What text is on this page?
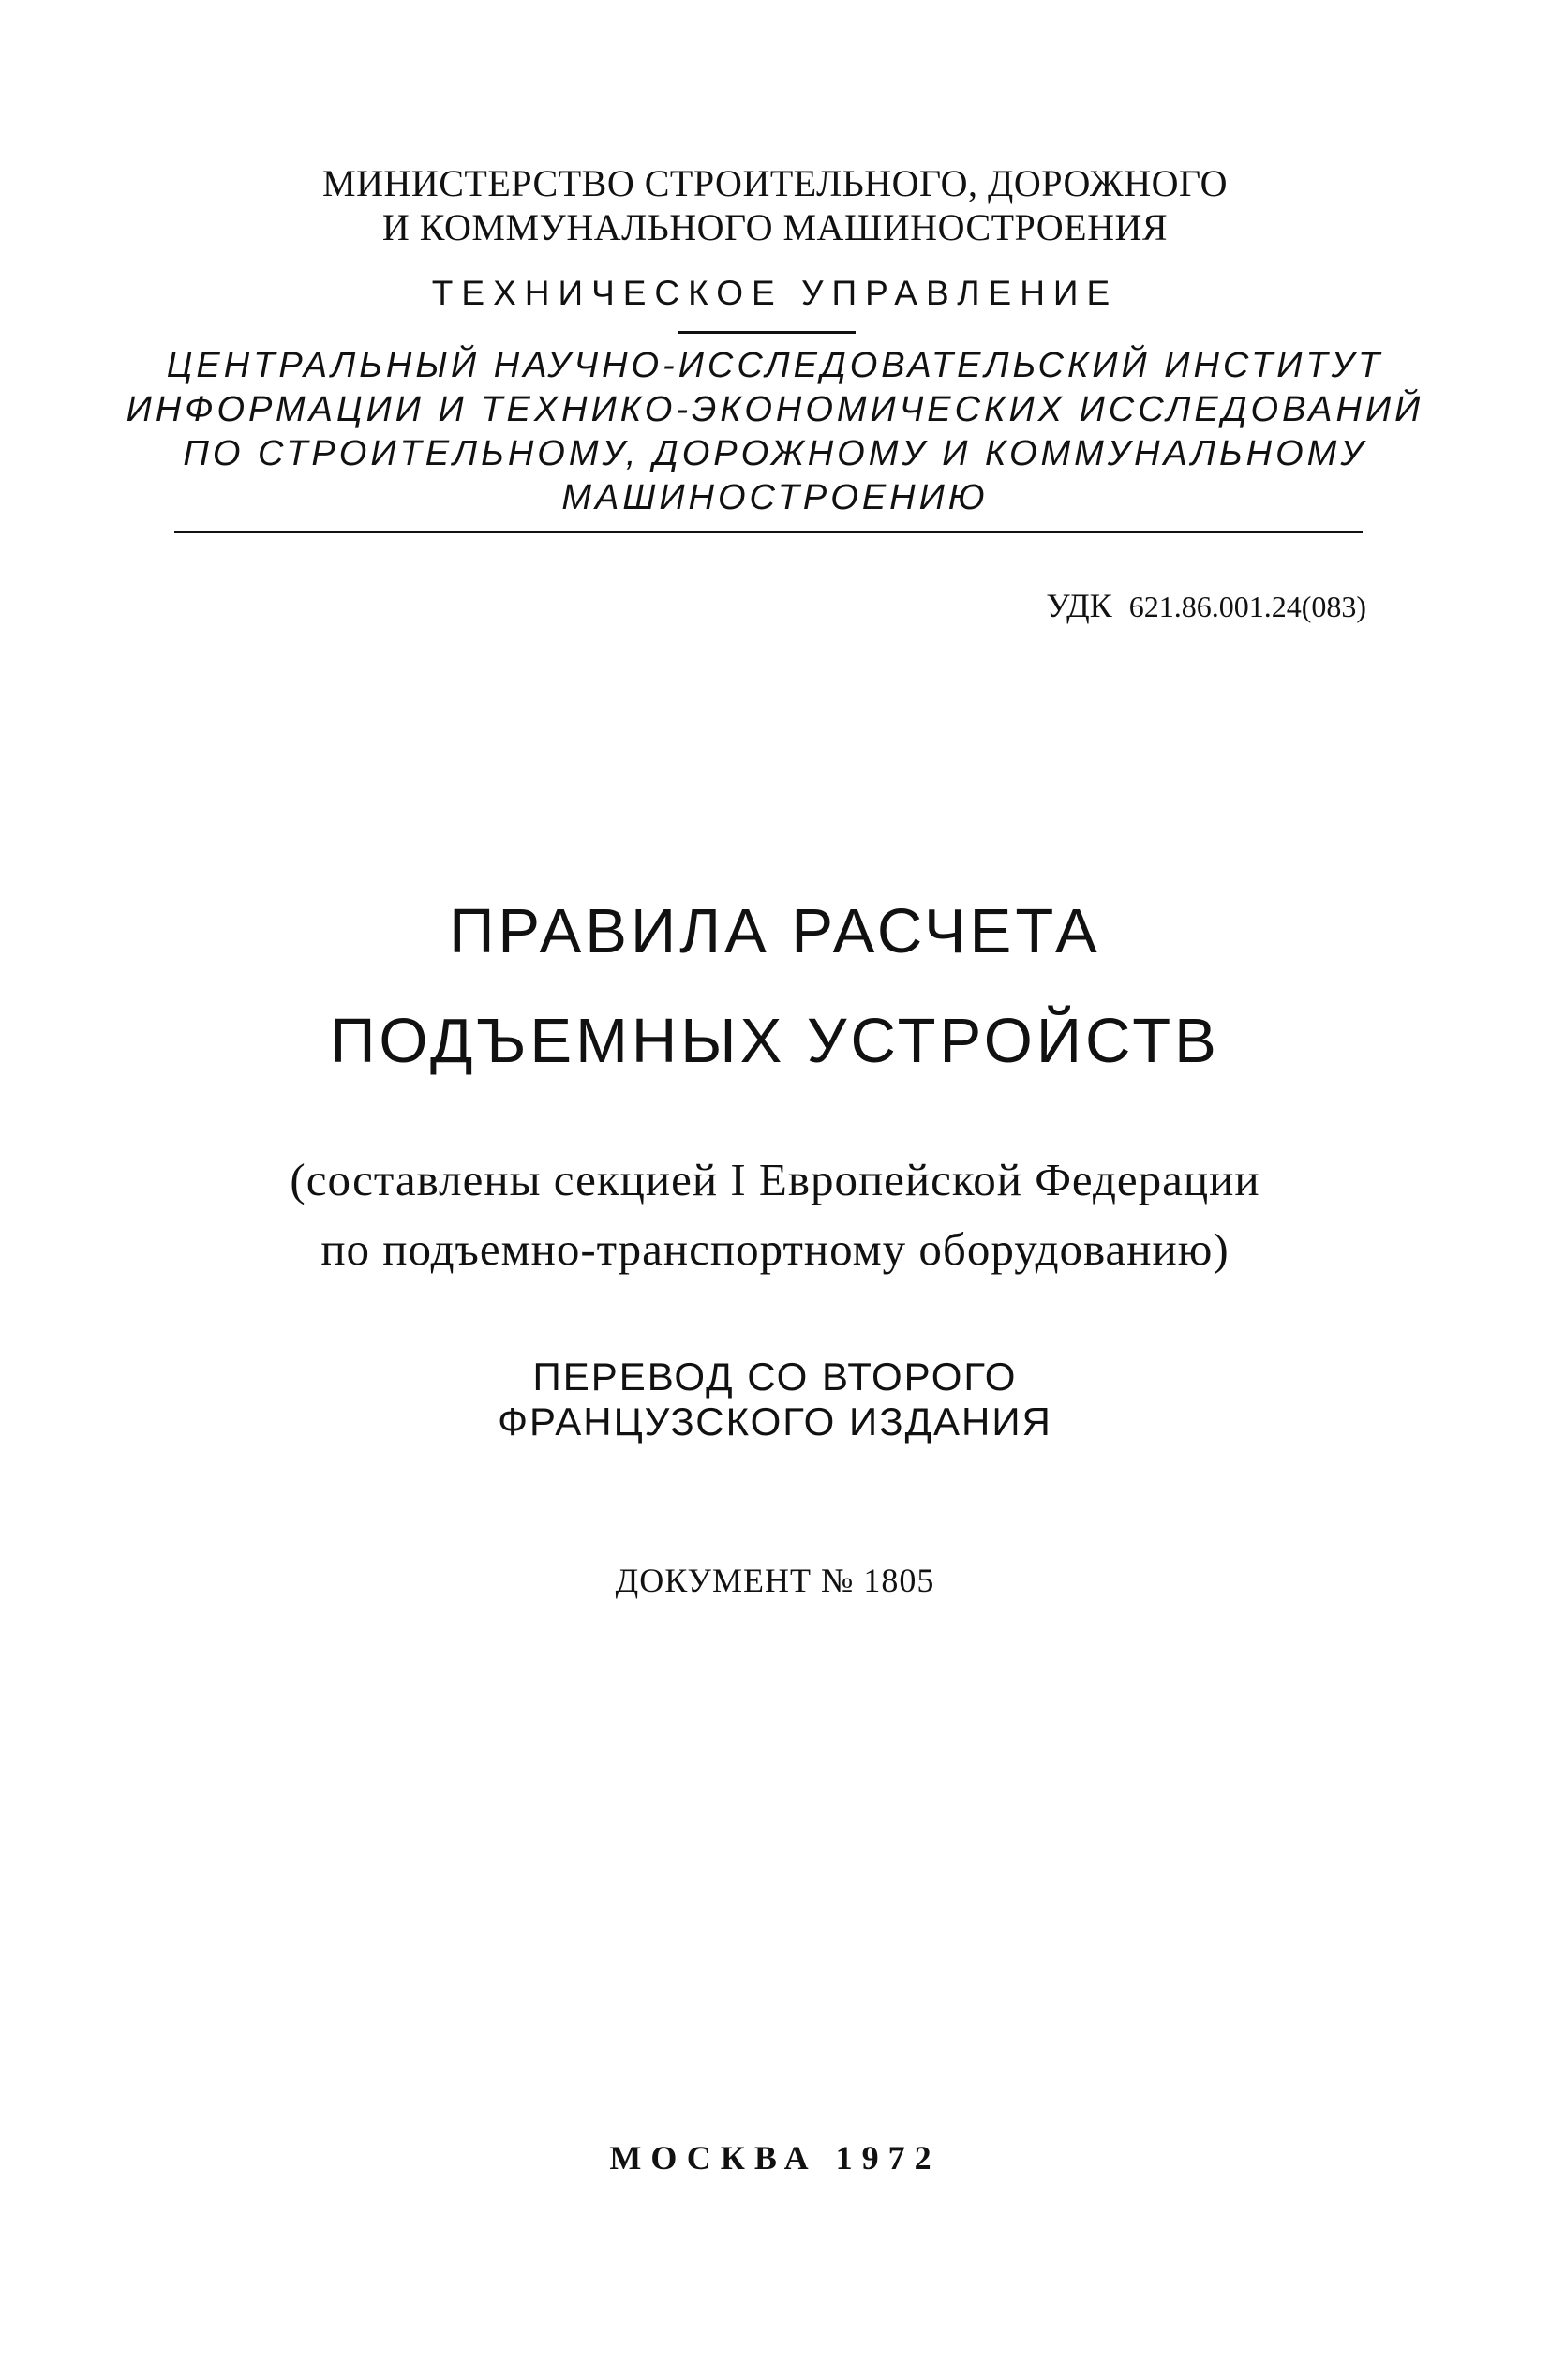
МИНИСТЕРСТВО СТРОИТЕЛЬНОГО, ДОРОЖНОГО
И КОММУНАЛЬНОГО МАШИНОСТРОЕНИЯ
ТЕХНИЧЕСКОЕ УПРАВЛЕНИЕ
ЦЕНТРАЛЬНЫЙ НАУЧНО-ИССЛЕДОВАТЕЛЬСКИЙ ИНСТИТУТ
ИНФОРМАЦИИ И ТЕХНИКО-ЭКОНОМИЧЕСКИХ ИССЛЕДОВАНИЙ
ПО СТРОИТЕЛЬНОМУ, ДОРОЖНОМУ И КОММУНАЛЬНОМУ
МАШИНОСТРОЕНИЮ
УДК 621.86.001.24(083)
ПРАВИЛА РАСЧЕТА
ПОДЪЕМНЫХ УСТРОЙСТВ
(составлены секцией I Европейской Федерации
по подъемно-транспортному оборудованию)
ПЕРЕВОД СО ВТОРОГО
ФРАНЦУЗСКОГО ИЗДАНИЯ
ДОКУМЕНТ № 1805
МОСКВА 1972
